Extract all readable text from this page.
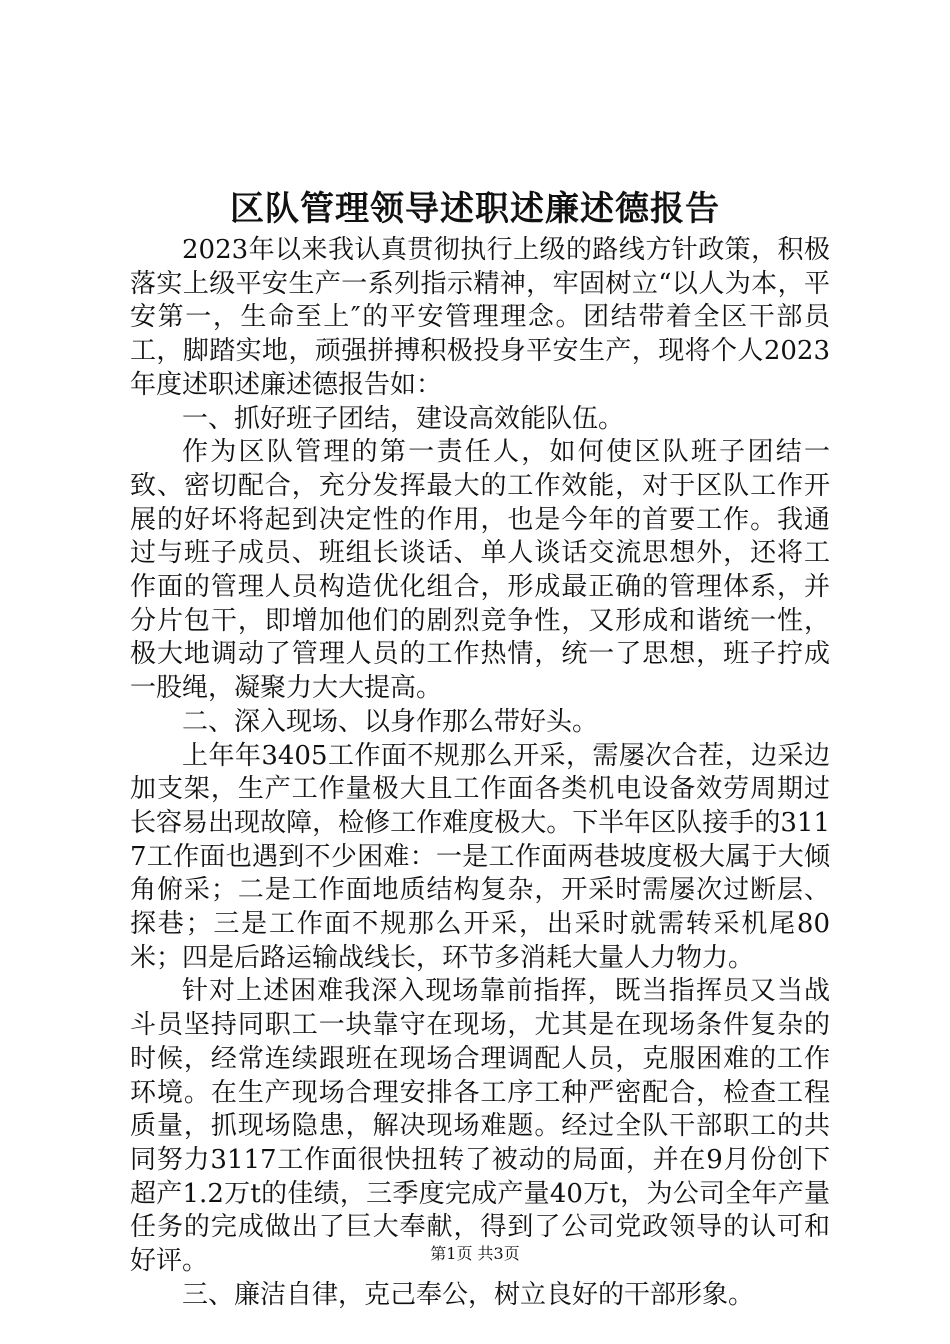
区队管理领导述职述廉述德报告

2023年以来我认真贯彻执行上级的路线方针政策，积极落实上级平安生产一系列指示精神，牢固树立“以人为本，平安第一，生命至上″的平安管理理念。团结带着全区干部员工，脚踏实地，顽强拼搏积极投身平安生产，现将个人2023年度述职述廉述德报告如：

一、抓好班子团结，建设高效能队伍。

作为区队管理的第一责任人，如何使区队班子团结一致、密切配合，充分发挥最大的工作效能，对于区队工作开展的好坏将起到决定性的作用，也是今年的首要工作。我通过与班子成员、班组长谈话、单人谈话交流思想外，还将工作面的管理人员构造优化组合，形成最正确的管理体系，并分片包干，即增加他们的剧烈竞争性，又形成和谐统一性，极大地调动了管理人员的工作热情，统一了思想，班子拧成一股绳，凝聚力大大提高。

二、深入现场、以身作那么带好头。

上年年3405工作面不规那么开采，需屡次合茬，边采边加支架，生产工作量极大且工作面各类机电设备效劳周期过长容易出现故障，检修工作难度极大。下半年区队接手的3117工作面也遇到不少困难：一是工作面两巷坡度极大属于大倾角俯采；二是工作面地质结构复杂，开采时需屡次过断层、探巷；三是工作面不规那么开采，出采时就需转采机尾80米；四是后路运输战线长，环节多消耗大量人力物力。

针对上述困难我深入现场靠前指挥，既当指挥员又当战斗员坚持同职工一块靠守在现场，尤其是在现场条件复杂的时候，经常连续跟班在现场合理调配人员，克服困难的工作环境。在生产现场合理安排各工序工种严密配合，检查工程质量，抓现场隐患，解决现场难题。经过全队干部职工的共同努力3117工作面很快扭转了被动的局面，并在9月份创下超产1.2万t的佳绩，三季度完成产量40万t，为公司全年产量任务的完成做出了巨大奉献，得到了公司党政领导的认可和好评。

三、廉洁自律，克己奉公，树立良好的干部形象。

第1页 共3页
